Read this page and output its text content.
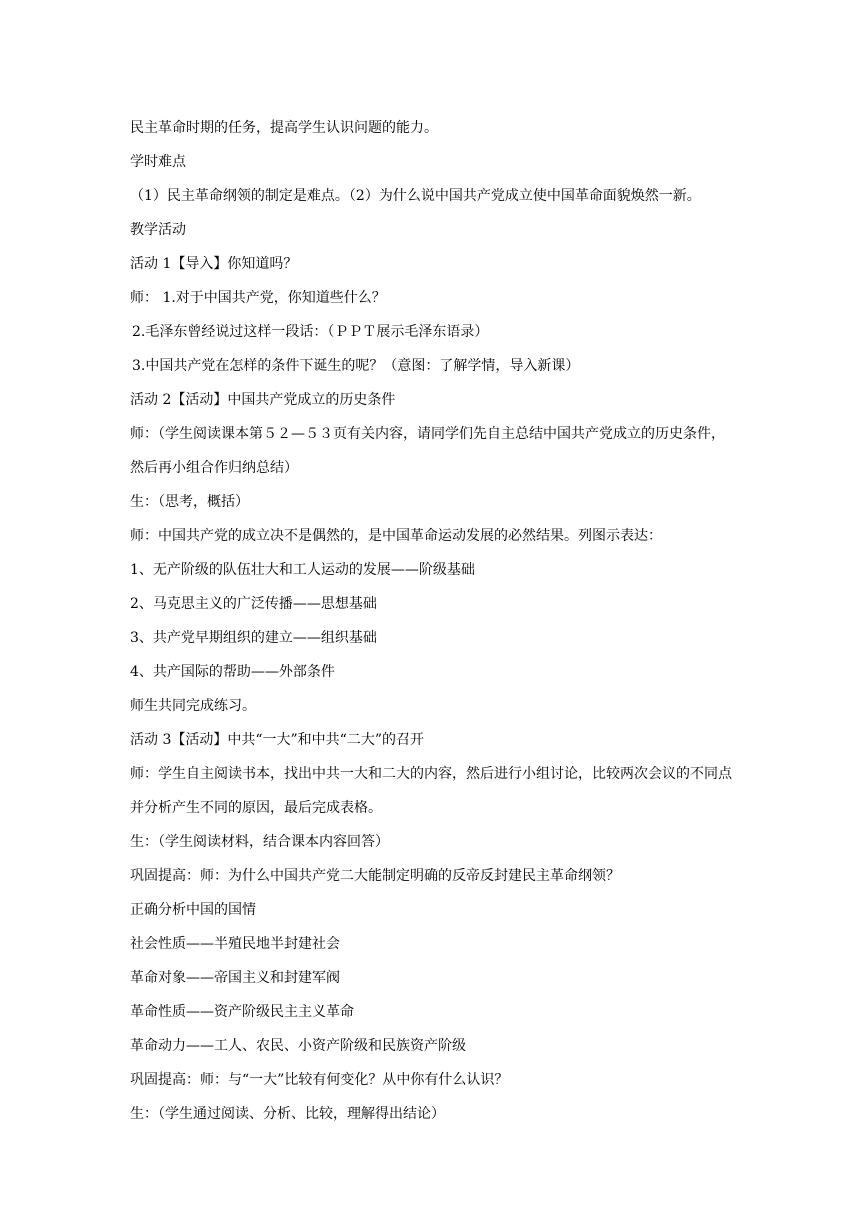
民主革命时期的任务，提高学生认识问题的能力。

学时难点

（1）民主革命纲领的制定是难点。（2）为什么说中国共产党成立使中国革命面貌焕然一新。

教学活动

活动 1【导入】你知道吗？

师： 1.对于中国共产党，你知道些什么？

2.毛泽东曾经说过这样一段话：（ＰＰＴ展示毛泽东语录）

3.中国共产党在怎样的条件下诞生的呢？（意图：了解学情，导入新课）

活动 2【活动】中国共产党成立的历史条件

师：（学生阅读课本第５２—５３页有关内容，请同学们先自主总结中国共产党成立的历史条件，然后再小组合作归纳总结）

生：（思考，概括）

师：中国共产党的成立决不是偶然的，是中国革命运动发展的必然结果。列图示表达：

1、无产阶级的队伍壮大和工人运动的发展——阶级基础

2、马克思主义的广泛传播——思想基础

3、共产党早期组织的建立——组织基础

4、共产国际的帮助——外部条件

师生共同完成练习。

活动 3【活动】中共“一大”和中共“二大”的召开

师：学生自主阅读书本，找出中共一大和二大的内容，然后进行小组讨论，比较两次会议的不同点并分析产生不同的原因，最后完成表格。

生：（学生阅读材料，结合课本内容回答）

巩固提高：师：为什么中国共产党二大能制定明确的反帝反封建民主革命纲领？

正确分析中国的国情

社会性质——半殖民地半封建社会

革命对象——帝国主义和封建军阀

革命性质——资产阶级民主主义革命

革命动力——工人、农民、小资产阶级和民族资产阶级

巩固提高：师：与“一大”比较有何变化？从中你有什么认识？

生：（学生通过阅读、分析、比较，理解得出结论）
